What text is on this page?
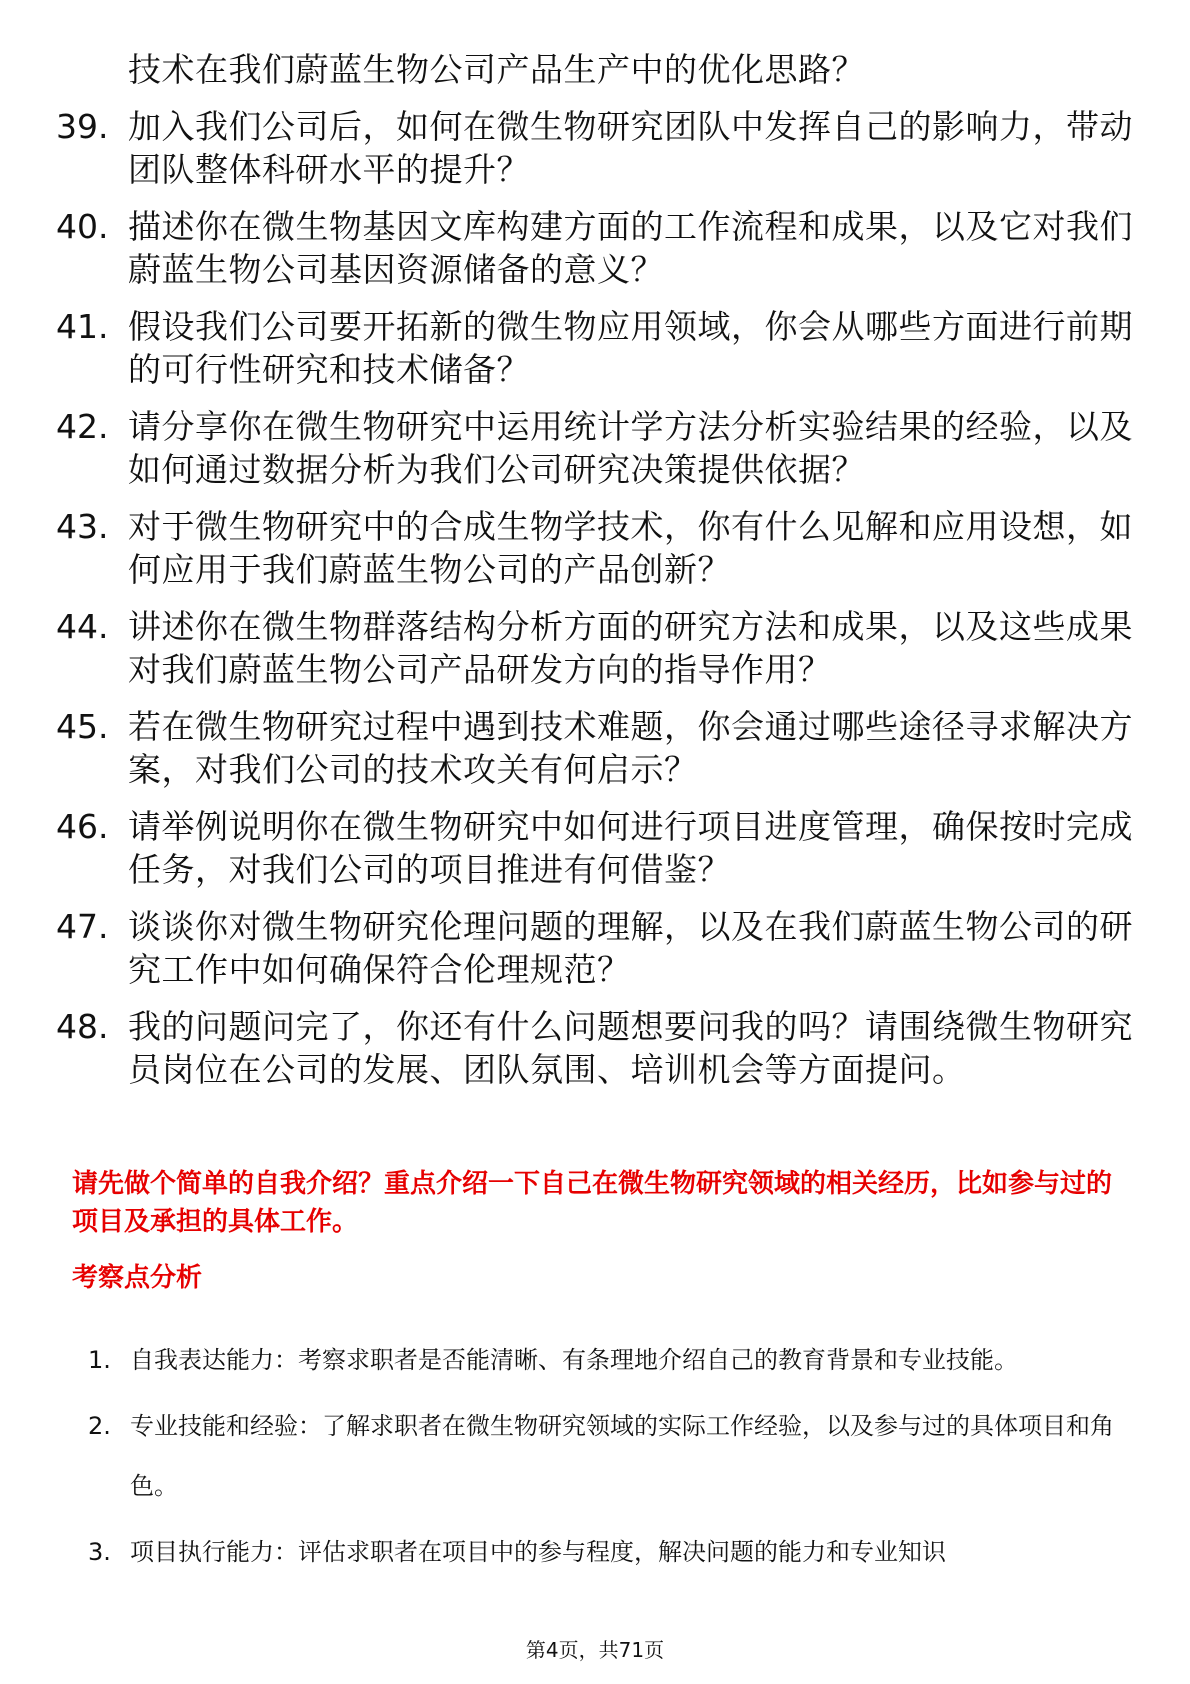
技术在我们蔚蓝生物公司产品生产中的优化思路？
39. 加入我们公司后，如何在微生物研究团队中发挥自己的影响力，带动团队整体科研水平的提升？
40. 描述你在微生物基因文库构建方面的工作流程和成果，以及它对我们蔚蓝生物公司基因资源储备的意义？
41. 假设我们公司要开拓新的微生物应用领域，你会从哪些方面进行前期的可行性研究和技术储备？
42. 请分享你在微生物研究中运用统计学方法分析实验结果的经验，以及如何通过数据分析为我们公司研究决策提供依据？
43. 对于微生物研究中的合成生物学技术，你有什么见解和应用设想，如何应用于我们蔚蓝生物公司的产品创新？
44. 讲述你在微生物群落结构分析方面的研究方法和成果，以及这些成果对我们蔚蓝生物公司产品研发方向的指导作用？
45. 若在微生物研究过程中遇到技术难题，你会通过哪些途径寻求解决方案，对我们公司的技术攻关有何启示？
46. 请举例说明你在微生物研究中如何进行项目进度管理，确保按时完成任务，对我们公司的项目推进有何借鉴？
47. 谈谈你对微生物研究伦理问题的理解，以及在我们蔚蓝生物公司的研究工作中如何确保符合伦理规范？
48. 我的问题问完了，你还有什么问题想要问我的吗？请围绕微生物研究员岗位在公司的发展、团队氛围、培训机会等方面提问。
请先做个简单的自我介绍？重点介绍一下自己在微生物研究领域的相关经历，比如参与过的项目及承担的具体工作。
考察点分析
1. 自我表达能力：考察求职者是否能清晰、有条理地介绍自己的教育背景和专业技能。
2. 专业技能和经验：了解求职者在微生物研究领域的实际工作经验，以及参与过的具体项目和角色。
3. 项目执行能力：评估求职者在项目中的参与程度，解决问题的能力和专业知识
第4页，共71页
